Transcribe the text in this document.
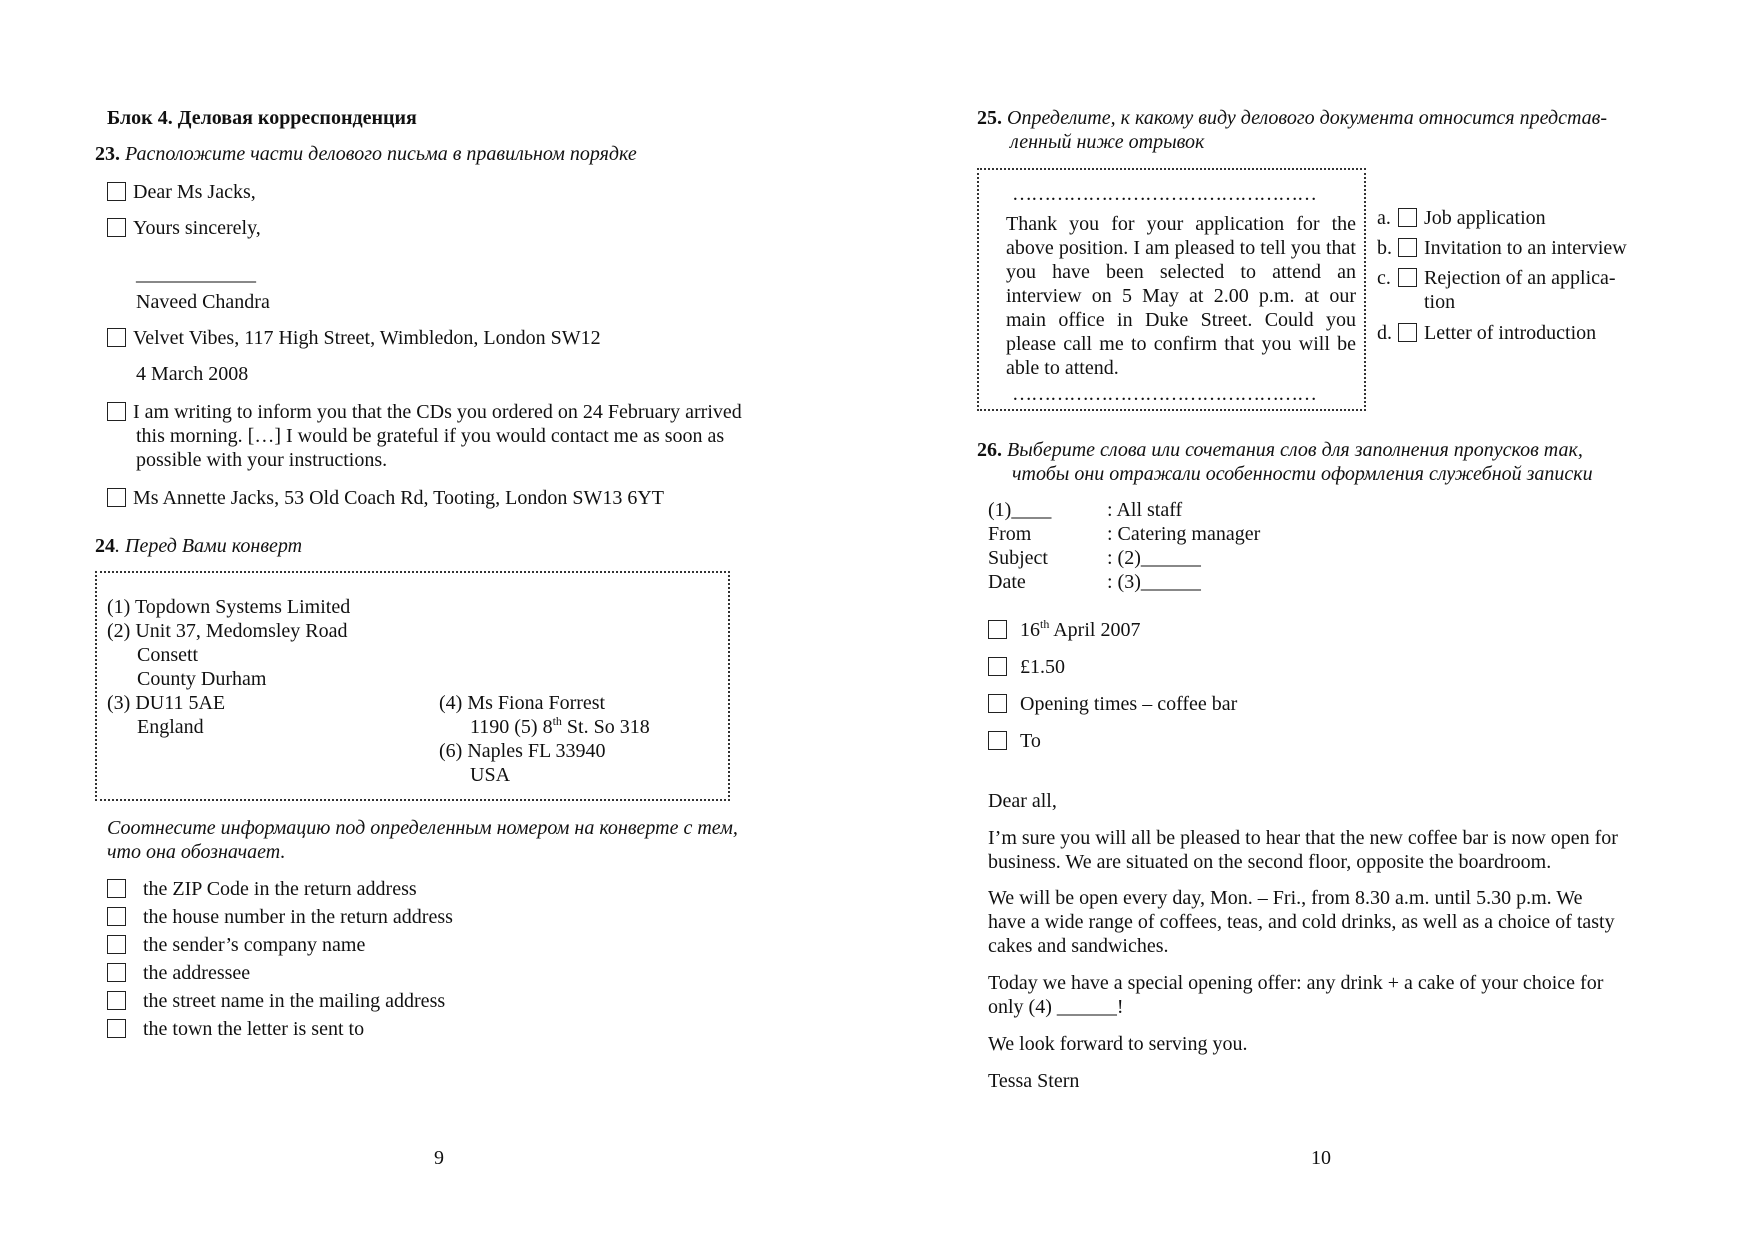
Блок 4. Деловая корреспонденция
23. Расположите части делового письма в правильном порядке
Dear Ms Jacks,
Yours sincerely,
____________
Naveed Chandra
Velvet Vibes, 117 High Street, Wimbledon, London SW12
4 March 2008
I am writing to inform you that the CDs you ordered on 24 February arrived
this morning. […] I would be grateful if you would contact me as soon as
possible with your instructions.
Ms Annette Jacks, 53 Old Coach Rd, Tooting, London SW13 6YT
24. Перед Вами конверт
(1) Topdown Systems Limited
(2) Unit 37, Medomsley Road
Consett
County Durham
(3) DU11 5AE
England
(4) Ms Fiona Forrest
1190 (5) 8th St. So 318
(6) Naples FL 33940
USA
Соотнесите информацию под определенным номером на конверте с тем,
что она обозначает.
the ZIP Code in the return address
the house number in the return address
the sender’s company name
the addressee
the street name in the mailing address
the town the letter is sent to
9
25. Определите, к какому виду делового документа относится представ-
ленный ниже отрывок
…………………………………………
Thank you for your application for the above position. I am pleased to tell you that you have been selected to attend an interview on 5 May at 2.00 p.m. at our main office in Duke Street. Could you please call me to confirm that you will be able to attend.
…………………………………………
a. Job application
b. Invitation to an interview
c. Rejection of an applica-
tion
d. Letter of introduction
26. Выберите слова или сочетания слов для заполнения пропусков так,
чтобы они отражали особенности оформления служебной записки
(1)____	: All staff
From	: Catering manager
Subject	: (2)______
Date	: (3)______
16th April 2007
£1.50
Opening times – coffee bar
To
Dear all,
I’m sure you will all be pleased to hear that the new coffee bar is now open for
business. We are situated on the second floor, opposite the boardroom.
We will be open every day, Mon. – Fri., from 8.30 a.m. until 5.30 p.m. We
have a wide range of coffees, teas, and cold drinks, as well as a choice of tasty
cakes and sandwiches.
Today we have a special opening offer: any drink + a cake of your choice for
only (4) ______!
We look forward to serving you.
Tessa Stern
10
